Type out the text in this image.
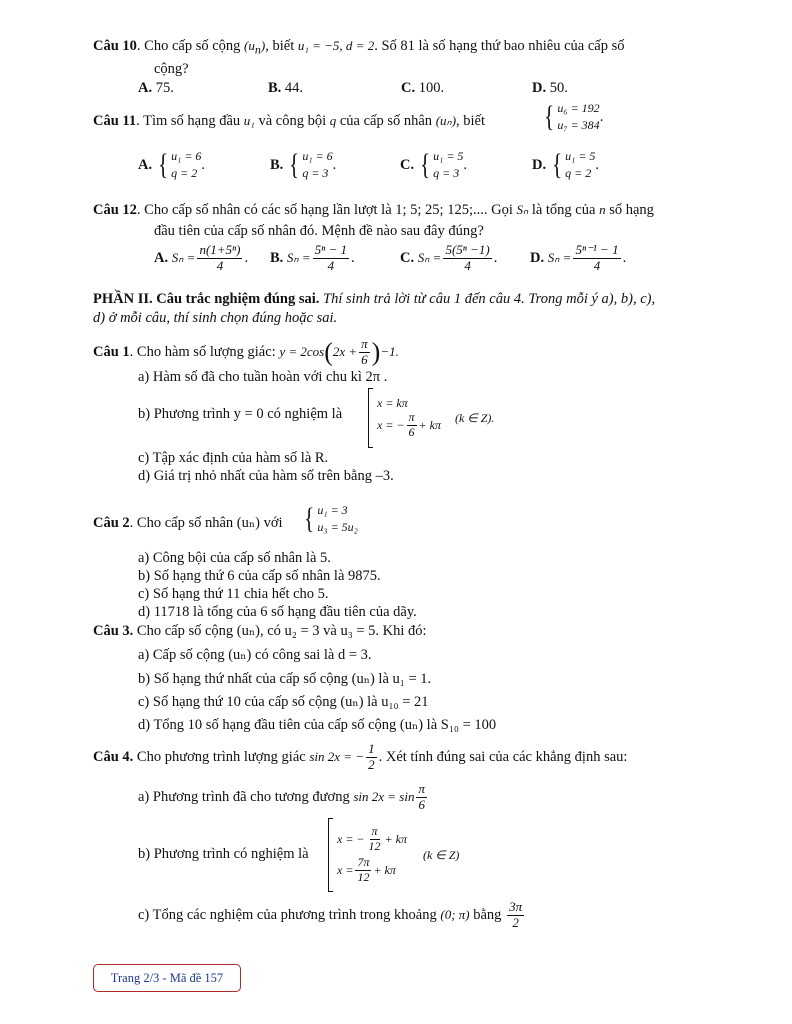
Câu 10. Cho cấp số cộng $(u_n)$, biết u₁ = −5, d = 2. Số 81 là số hạng thứ bao nhiêu của cấp số
cộng?
A. 75.	B. 44.	C. 100.	D. 50.
Câu 11. Tìm số hạng đầu u₁ và công bội q của cấp số nhân (uₙ), biết { u₆ = 192
u₇ = 384
.
A. { u₁ = 6
q = 2
.	B. { u₁ = 6
q = 3
.	C. { u₁ = 5
q = 3
.	D. { u₁ = 5
q = 2
.
Câu 12. Cho cấp số nhân có các số hạng lần lượt là 1; 5; 25; 125;.... Gọi Sₙ là tổng của n số hạng
đầu tiên của cấp số nhân đó. Mệnh đề nào sau đây đúng?
A. $S_n = \frac{\text{n(1+5ⁿ)}}{4}$ . B. $S_n = \frac{\text{5ⁿ − 1}}{4}$ .	C. $S_n = \frac{\text{5(5ⁿ −1)}}{4}$ . D. $S_n = \frac{\text{5ⁿ⁻¹ − 1}}{4}$ .
PHẦN II. Câu trắc nghiệm đúng sai. Thí sinh trả lời từ câu 1 đến câu 4. Trong mỗi ý a), b), c),
d) ở mỗi câu, thí sinh chọn đúng hoặc sai.
Câu 1. Cho hàm số lượng giác: $y = 2\cos(2x + \frac{\pi}{6} )-1$.
a) Hàm số đã cho tuần hoàn với chu kì 2π .
b) Phương trình y = 0 có nghiệm là
x = kπ
x = − $\frac{\pi}{6} + k\pi$
(k ∈ Z).
c) Tập xác định của hàm số là R.
d) Giá trị nhỏ nhất của hàm số trên bằng –3.
Câu 2. Cho cấp số nhân (uₙ) với { u₁ = 3
u₃ = 5u₂
a) Công bội của cấp số nhân là 5.
b) Số hạng thứ 6 của cấp số nhân là 9875.
c) Số hạng thứ 11 chia hết cho 5.
d) 11718 là tổng của 6 số hạng đầu tiên của dãy.
Câu 3. Cho cấp số cộng (uₙ), có u₂ = 3 và u₃ = 5. Khi đó:
a) Cấp số cộng (uₙ) có công sai là d = 3.
b) Số hạng thứ nhất của cấp số cộng (uₙ) là u₁ = 1.
c) Số hạng thứ 10 của cấp số cộng (uₙ) là u₁₀ = 21
d) Tổng 10 số hạng đầu tiên của cấp số cộng (uₙ) là S₁₀ = 100
Câu 4. Cho phương trình lượng giác sin 2x = − $\frac{1}{2}$ . Xét tính đúng sai của các khẳng định sau:
a) Phương trình đã cho tương đương $\sin 2x = \sin \frac{\pi}{6}$
b) Phương trình có nghiệm là
x = − $\frac{\pi}{12} + k\pi$
$x = \frac{7\pi}{12} + k\pi$
(k ∈ Z)
c) Tổng các nghiệm của phương trình trong khoảng (0; π) bằng $\frac{3\pi}{2}$
Trang 2/3 - Mã đề 157
